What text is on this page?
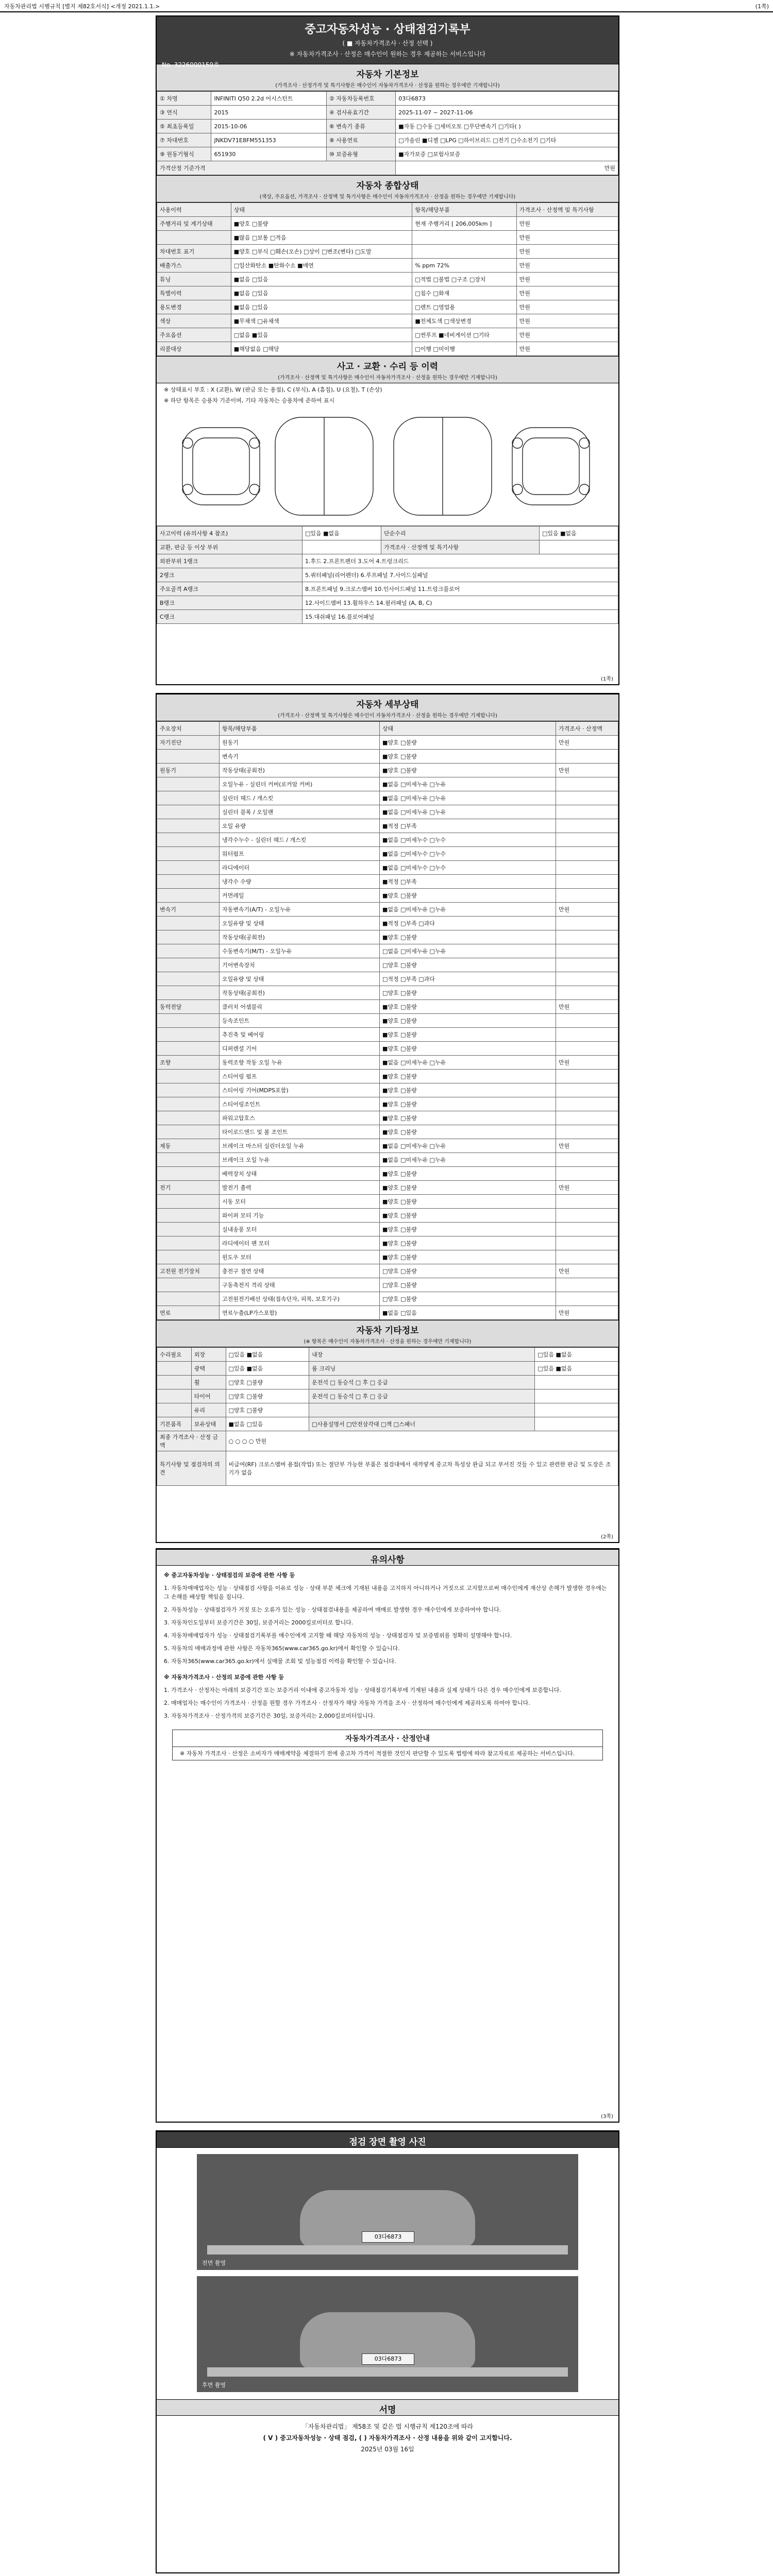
자동차관리법 시행규칙 [별지 제82호서식] <개정 2021.1.1.>	(1쪽)
중고자동차성능 · 상태점검기록부
( ■ 자동차가격조사 · 산정 선택 )
※ 자동차가격조사 · 산정은 매수인이 원하는 경우 제공하는 서비스입니다
No. 3226000159호
자동차 기본정보
(가격조사 · 산정가격 및 특기사항은 매수인이 자동차가격조사 · 산정을 원하는 경우에만 기재합니다)
① 차명	INFINITI Q50 2.2d 어시스턴트	② 자동차등록번호	03다6873
③ 연식	2015	④ 검사유효기간	2025-11-07 ~ 2027-11-06
⑤ 최초등록일	2015-10-06	⑥ 변속기 종류	■자동 □수동 □세미오토 □무단변속기 □기타( )
⑦ 차대번호	JNKDV71E8FM551353	⑧ 사용연료	□가솔린 ■디젤 □LPG □하이브리드 □전기 □수소전기 □기타
⑨ 원동기형식	651930	⑩ 보증유형	■자가보증 □보험사보증
가격산정 기준가격			만원
자동차 종합상태
(색상, 주요옵션, 가격조사 · 산정액 및 특기사항은 매수인이 자동차가격조사 · 산정을 원하는 경우에만 기재합니다)
사용이력	상태	항목/해당부품	가격조사 · 산정액 및 특기사항
주행거리 및 계기상태	■양호 □불량	현재 주행거리 [ 206,005km ]	만원
	■많음 □보통 □적음		만원
차대번호 표기	■양호 □부식 □훼손(오손) □상이 □변조(변타) □도말		만원
배출가스	□일산화탄소 ■탄화수소 ■매연	% ppm 72%	만원
튜닝	■없음 □있음	□적법 □불법 □구조 □장치	만원
특별이력	■없음 □있음	□침수 □화재	만원
용도변경	■없음 □있음	□렌트 □영업용	만원
색상	■무채색 □유채색	■전체도색 □색상변경	만원
주요옵션	□없음 ■있음	□썬루프 ■네비게이션 □기타	만원
리콜대상	■해당없음 □해당	□이행 □미이행	만원
사고 · 교환 · 수리 등 이력
(가격조사 · 산정액 및 특기사항은 매수인이 자동차가격조사 · 산정을 원하는 경우에만 기재합니다)
※ 상태표시 부호 : X (교환), W (판금 또는 용접), C (부식), A (흠집), U (요철), T (손상)
※ 하단 항목은 승용차 기준이며, 기타 자동차는 승용차에 준하여 표시
사고이력 (유의사항 4 참조)	□있음 ■없음	단순수리	□있음 ■없음
교환, 판금 등 이상 부위		가격조사 · 산정액 및 특기사항	
외판부위 1랭크	1.후드 2.프론트펜더 3.도어 4.트렁크리드		
2랭크	5.쿼터패널(리어펜더) 6.루프패널 7.사이드실패널		
주요골격 A랭크	8.프론트패널 9.크로스멤버 10.인사이드패널 11.트렁크플로어		
B랭크	12.사이드멤버 13.휠하우스 14.필러패널 (A, B, C)		
C랭크	15.대쉬패널 16.플로어패널		
(1쪽)
자동차 세부상태
(가격조사 · 산정액 및 특기사항은 매수인이 자동차가격조사 · 산정을 원하는 경우에만 기재합니다)
주요장치	항목/해당부품	상태	가격조사 · 산정액
자기진단	원동기	■양호 □불량	만원
	변속기	■양호 □불량	
원동기	작동상태(공회전)	■양호 □불량	만원
	오일누유 - 실린더 커버(로커암 커버)	■없음 □미세누유 □누유	
	실린더 헤드 / 개스킷	■없음 □미세누유 □누유	
	실린더 블록 / 오일팬	■없음 □미세누유 □누유	
	오일 유량	■적정 □부족	
	냉각수누수 - 실린더 헤드 / 개스킷	■없음 □미세누수 □누수	
	워터펌프	■없음 □미세누수 □누수	
	라디에이터	■없음 □미세누수 □누수	
	냉각수 수량	■적정 □부족	
	커먼레일	■양호 □불량	
변속기	자동변속기(A/T) - 오일누유	■없음 □미세누유 □누유	만원
	오일유량 및 상태	■적정 □부족 □과다	
	작동상태(공회전)	■양호 □불량	
	수동변속기(M/T) - 오일누유	□없음 □미세누유 □누유	
	기어변속장치	□양호 □불량	
	오일유량 및 상태	□적정 □부족 □과다	
	작동상태(공회전)	□양호 □불량	
동력전달	클러치 어셈블리	■양호 □불량	만원
	등속조인트	■양호 □불량	
	추진축 및 베어링	■양호 □불량	
	디퍼렌셜 기어	■양호 □불량	
조향	동력조향 작동 오일 누유	■없음 □미세누유 □누유	만원
	스티어링 펌프	■양호 □불량	
	스티어링 기어(MDPS포함)	■양호 □불량	
	스티어링조인트	■양호 □불량	
	파워고압호스	■양호 □불량	
	타이로드엔드 및 볼 조인트	■양호 □불량	
제동	브레이크 마스터 실린더오일 누유	■없음 □미세누유 □누유	만원
	브레이크 오일 누유	■없음 □미세누유 □누유	
	배력장치 상태	■양호 □불량	
전기	발전기 출력	■양호 □불량	만원
	시동 모터	■양호 □불량	
	와이퍼 모터 기능	■양호 □불량	
	실내송풍 모터	■양호 □불량	
	라디에이터 팬 모터	■양호 □불량	
	윈도우 모터	■양호 □불량	
고전원 전기장치	충전구 절연 상태	□양호 □불량	만원
	구동축전지 격리 상태	□양호 □불량	
	고전원전기배선 상태(접속단자, 피복, 보호기구)	□양호 □불량	
연료	연료누출(LP가스포함)	■없음 □있음	만원
자동차 기타정보
(※ 항목은 매수인이 자동차가격조사 · 산정을 원하는 경우에만 기재합니다)
수리필요	외장	□있음 ■없음	내장	□있음 ■없음
	광택	□있음 ■없음	룸 크리닝	□있음 ■없음
	휠	□양호 □불량	운전석 □ 동승석 □ 후 □ 응급	
	타이어	□양호 □불량	운전석 □ 동승석 □ 후 □ 응급	
	유리	□양호 □불량		
기본품목	보유상태	■없음 □있음	□사용설명서 □안전삼각대 □잭 □스패너	
최종 가격조사 · 산정 금액		○ ○ ○ ○ 만원		
특기사항 및 점검자의 의견		비급여(RF) 크로스멤버 용접(작업) 또는 절단부 가능한 부품은 점검대에서 새까맣게 중고차 특성상 완급 되고 부서진 것들 수 있고 관련한 판금 및 도장은 조기가 없음		
(2쪽)
유의사항
※ 중고자동차성능 · 상태점검의 보증에 관한 사항 등
1. 자동차매매업자는 성능 · 상태점검 사항을 이유로 성능 · 상태 부분 체크에 기재된 내용을 고지하지 아니하거나 거짓으로 고지함으로써 매수인에게 재산상 손해가 발생한 경우에는 그 손해를 배상할 책임을 집니다.
2. 자동차성능 · 상태점검자가 거짓 또는 오류가 있는 성능 · 상태점검내용을 제공하여 매매로 발생한 경우 매수인에게 보증하여야 합니다.
3. 자동차인도일부터 보증기간은 30일, 보증거리는 2000킬로미터로 합니다.
4. 자동차매매업자가 성능 · 상태점검기록부를 매수인에게 고지할 때 해당 자동차의 성능 · 상태점검자 및 보증범위를 정확히 설명해야 합니다.
5. 자동차의 매매과정에 관한 사항은 자동차365(www.car365.go.kr)에서 확인할 수 있습니다.
6. 자동차365(www.car365.go.kr)에서 실매물 조회 및 성능점검 이력을 확인할 수 있습니다.
※ 자동차가격조사 · 산정의 보증에 관한 사항 등
1. 가격조사 · 산정자는 아래의 보증기간 또는 보증거리 이내에 중고자동차 성능 · 상태점검기록부에 기재된 내용과 실제 상태가 다른 경우 매수인에게 보증합니다.
2. 매매업자는 매수인이 가격조사 · 산정을 원할 경우 가격조사 · 산정자가 해당 자동차 가격을 조사 · 산정하여 매수인에게 제공하도록 하여야 합니다.
3. 자동차가격조사 · 산정가격의 보증기간은 30일, 보증거리는 2,000킬로미터입니다.
자동차가격조사 · 산정안내
※ 자동차 가격조사 · 산정은 소비자가 매매계약을 체결하기 전에 중고차 가격이 적절한 것인지 판단할 수 있도록 법령에 따라 참고자료로 제공하는 서비스입니다.
(3쪽)
점검 장면 촬영 사진
03다6873
전면 촬영
03다6873
후면 촬영
서명
「자동차관리법」 제58조 및 같은 법 시행규칙 제120조에 따라
( V ) 중고자동차성능 · 상태 점검, ( ) 자동차가격조사 · 산정 내용을 위와 같이 고지합니다.
2025년 03월 16일
